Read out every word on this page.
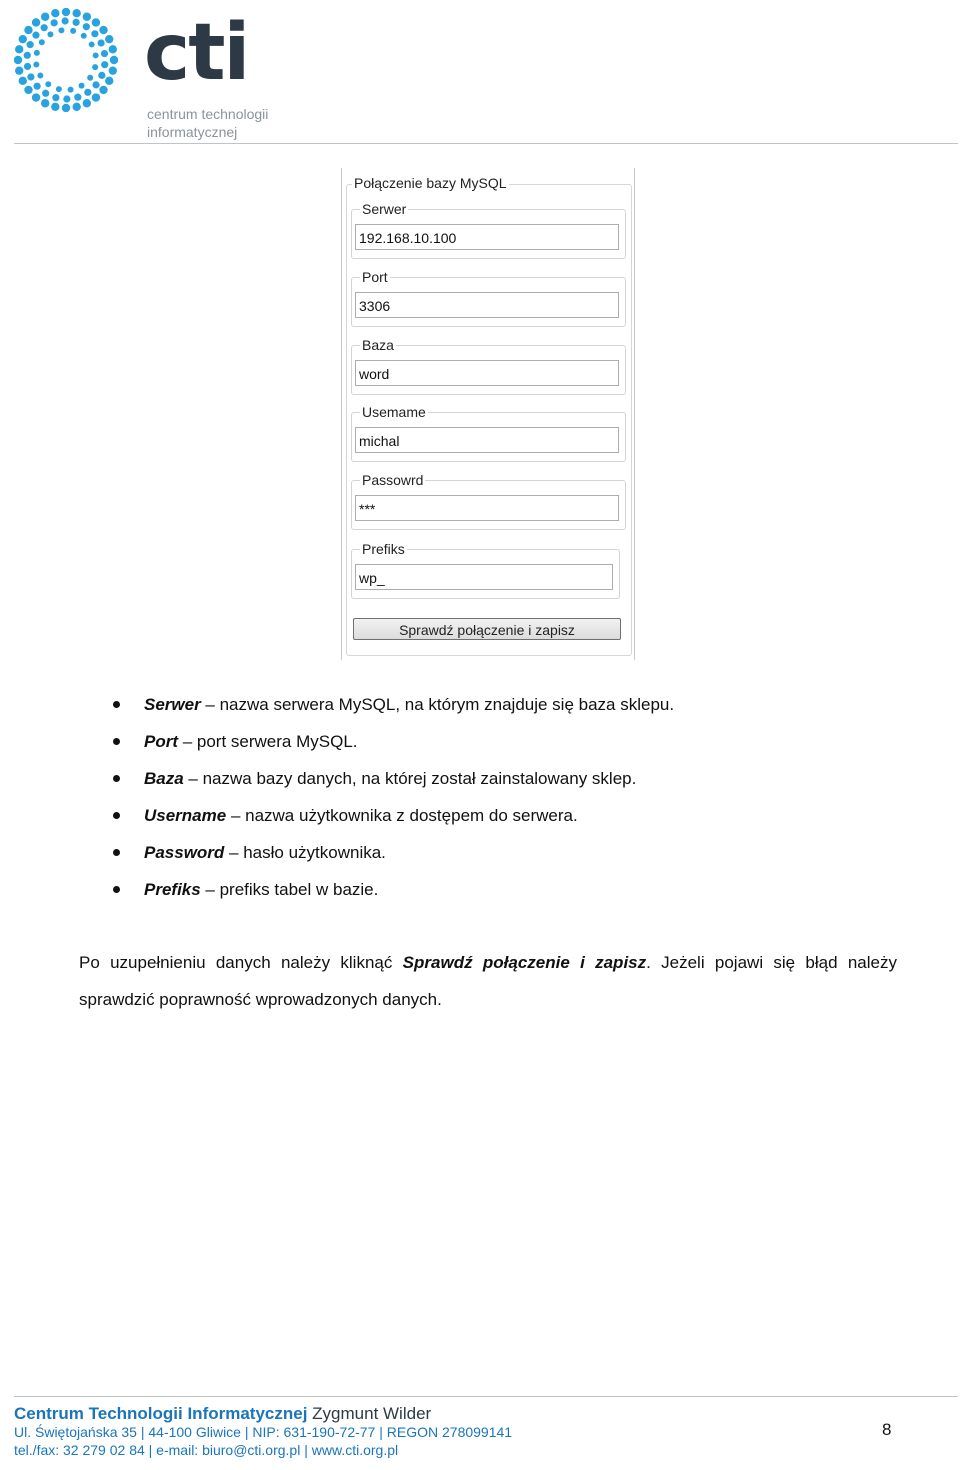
cti
centrum technologii
informatycznej
Połączenie bazy MySQL
Serwer
192.168.10.100
Port
3306
Baza
word
Usemame
michal
Passowrd
***
Prefiks
wp_
Sprawdź połączenie i zapisz
Serwer – nazwa serwera MySQL, na którym znajduje się baza sklepu.
Port – port serwera MySQL.
Baza – nazwa bazy danych, na której został zainstalowany sklep.
Username – nazwa użytkownika z dostępem do serwera.
Password – hasło użytkownika.
Prefiks – prefiks tabel w bazie.
Po uzupełnieniu danych należy kliknąć Sprawdź połączenie i zapisz. Jeżeli pojawi się błąd należy
sprawdzić poprawność wprowadzonych danych.
Centrum Technologii Informatycznej Zygmunt Wilder
Ul. Świętojańska 35 | 44-100 Gliwice | NIP: 631-190-72-77 | REGON 278099141
tel./fax: 32 279 02 84 | e-mail: biuro@cti.org.pl | www.cti.org.pl
8
